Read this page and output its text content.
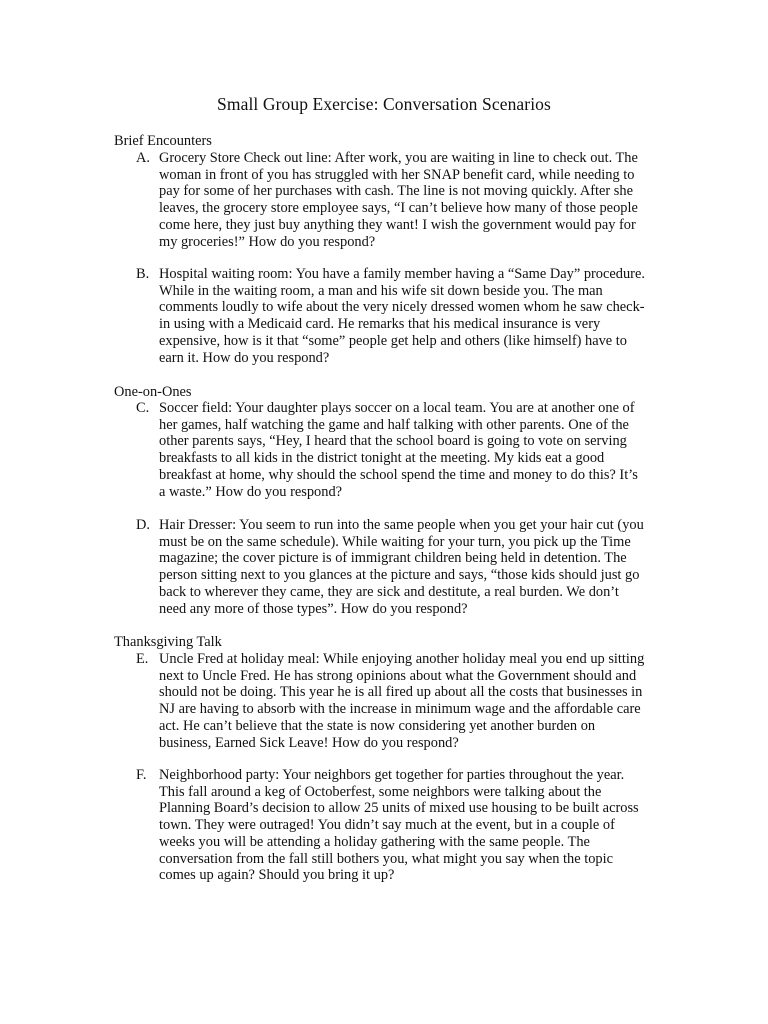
Small Group Exercise: Conversation Scenarios
Brief Encounters
A. Grocery Store Check out line: After work, you are waiting in line to check out. The
woman in front of you has struggled with her SNAP benefit card, while needing to
pay for some of her purchases with cash. The line is not moving quickly. After she
leaves, the grocery store employee says, “I can’t believe how many of those people
come here, they just buy anything they want! I wish the government would pay for
my groceries!” How do you respond?
B. Hospital waiting room: You have a family member having a “Same Day” procedure.
While in the waiting room, a man and his wife sit down beside you. The man
comments loudly to wife about the very nicely dressed women whom he saw check-
in using with a Medicaid card. He remarks that his medical insurance is very
expensive, how is it that “some” people get help and others (like himself) have to
earn it. How do you respond?
One-on-Ones
C. Soccer field: Your daughter plays soccer on a local team. You are at another one of
her games, half watching the game and half talking with other parents. One of the
other parents says, “Hey, I heard that the school board is going to vote on serving
breakfasts to all kids in the district tonight at the meeting. My kids eat a good
breakfast at home, why should the school spend the time and money to do this? It’s
a waste.” How do you respond?
D. Hair Dresser: You seem to run into the same people when you get your hair cut (you
must be on the same schedule). While waiting for your turn, you pick up the Time
magazine; the cover picture is of immigrant children being held in detention. The
person sitting next to you glances at the picture and says, “those kids should just go
back to wherever they came, they are sick and destitute, a real burden. We don’t
need any more of those types”. How do you respond?
Thanksgiving Talk
E. Uncle Fred at holiday meal: While enjoying another holiday meal you end up sitting
next to Uncle Fred. He has strong opinions about what the Government should and
should not be doing. This year he is all fired up about all the costs that businesses in
NJ are having to absorb with the increase in minimum wage and the affordable care
act. He can’t believe that the state is now considering yet another burden on
business, Earned Sick Leave! How do you respond?
F. Neighborhood party: Your neighbors get together for parties throughout the year.
This fall around a keg of Octoberfest, some neighbors were talking about the
Planning Board’s decision to allow 25 units of mixed use housing to be built across
town. They were outraged! You didn’t say much at the event, but in a couple of
weeks you will be attending a holiday gathering with the same people. The
conversation from the fall still bothers you, what might you say when the topic
comes up again? Should you bring it up?
